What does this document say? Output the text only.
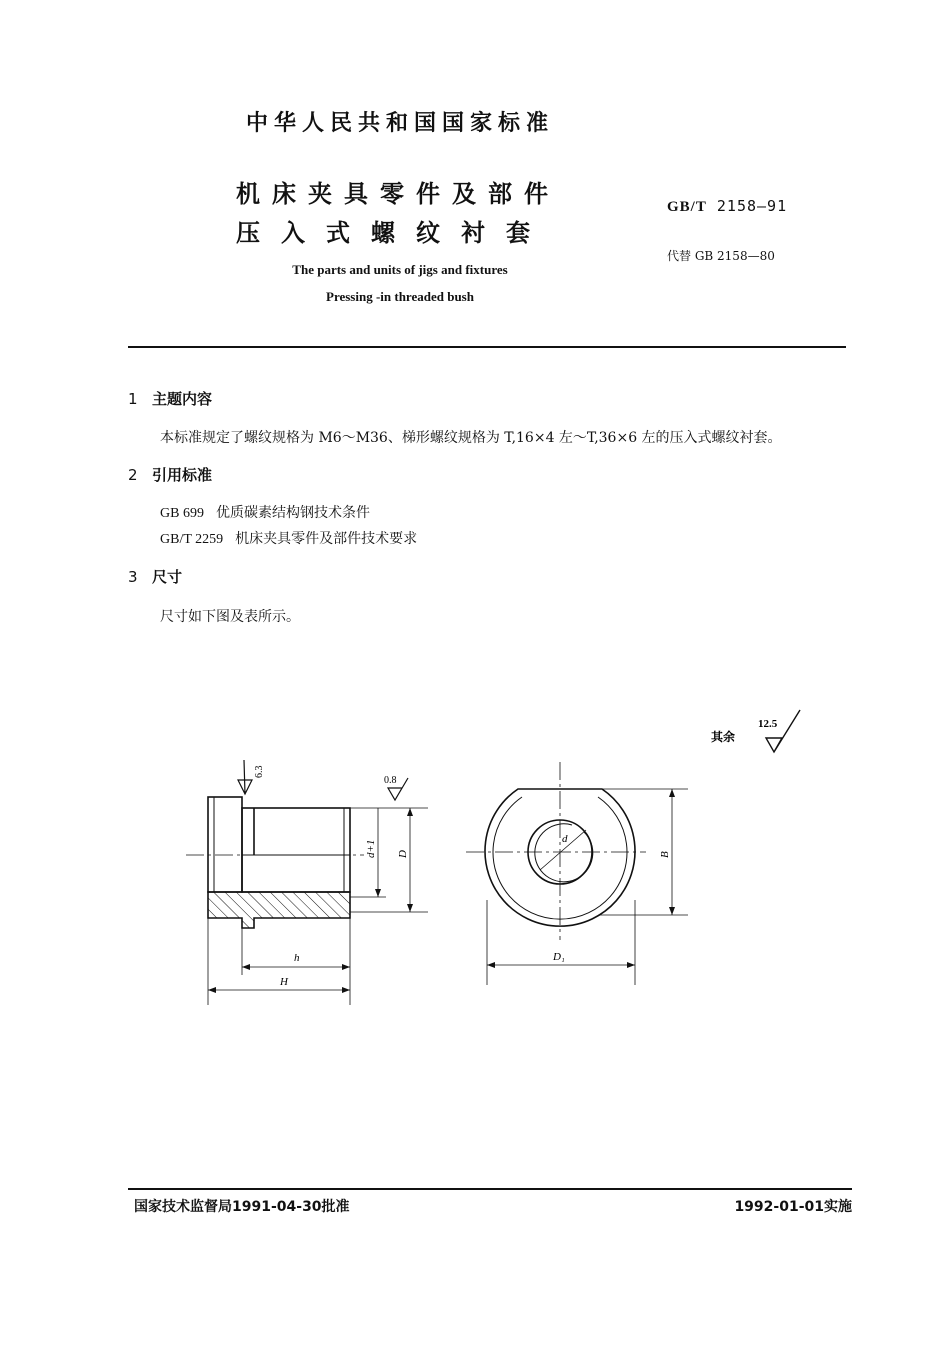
中华人民共和国国家标准
机床夹具零件及部件
压入式螺纹衬套
The parts and units of jigs and fixtures
Pressing -in threaded bush
GB/T 2158—91
代替 GB 2158—80
1 主题内容
本标准规定了螺纹规格为 M6～M36、梯形螺纹规格为 T,16×4 左～T,36×6 左的压入式螺纹衬套。
2 引用标准
GB 699 优质碳素结构钢技术条件
GB/T 2259 机床夹具零件及部件技术要求
3 尺寸
尺寸如下图及表所示。
其余
12.5
h
H
d+1 D
6.3
0.8
d
B
D₁
国家技术监督局1991-04-30批准	1992-01-01实施
